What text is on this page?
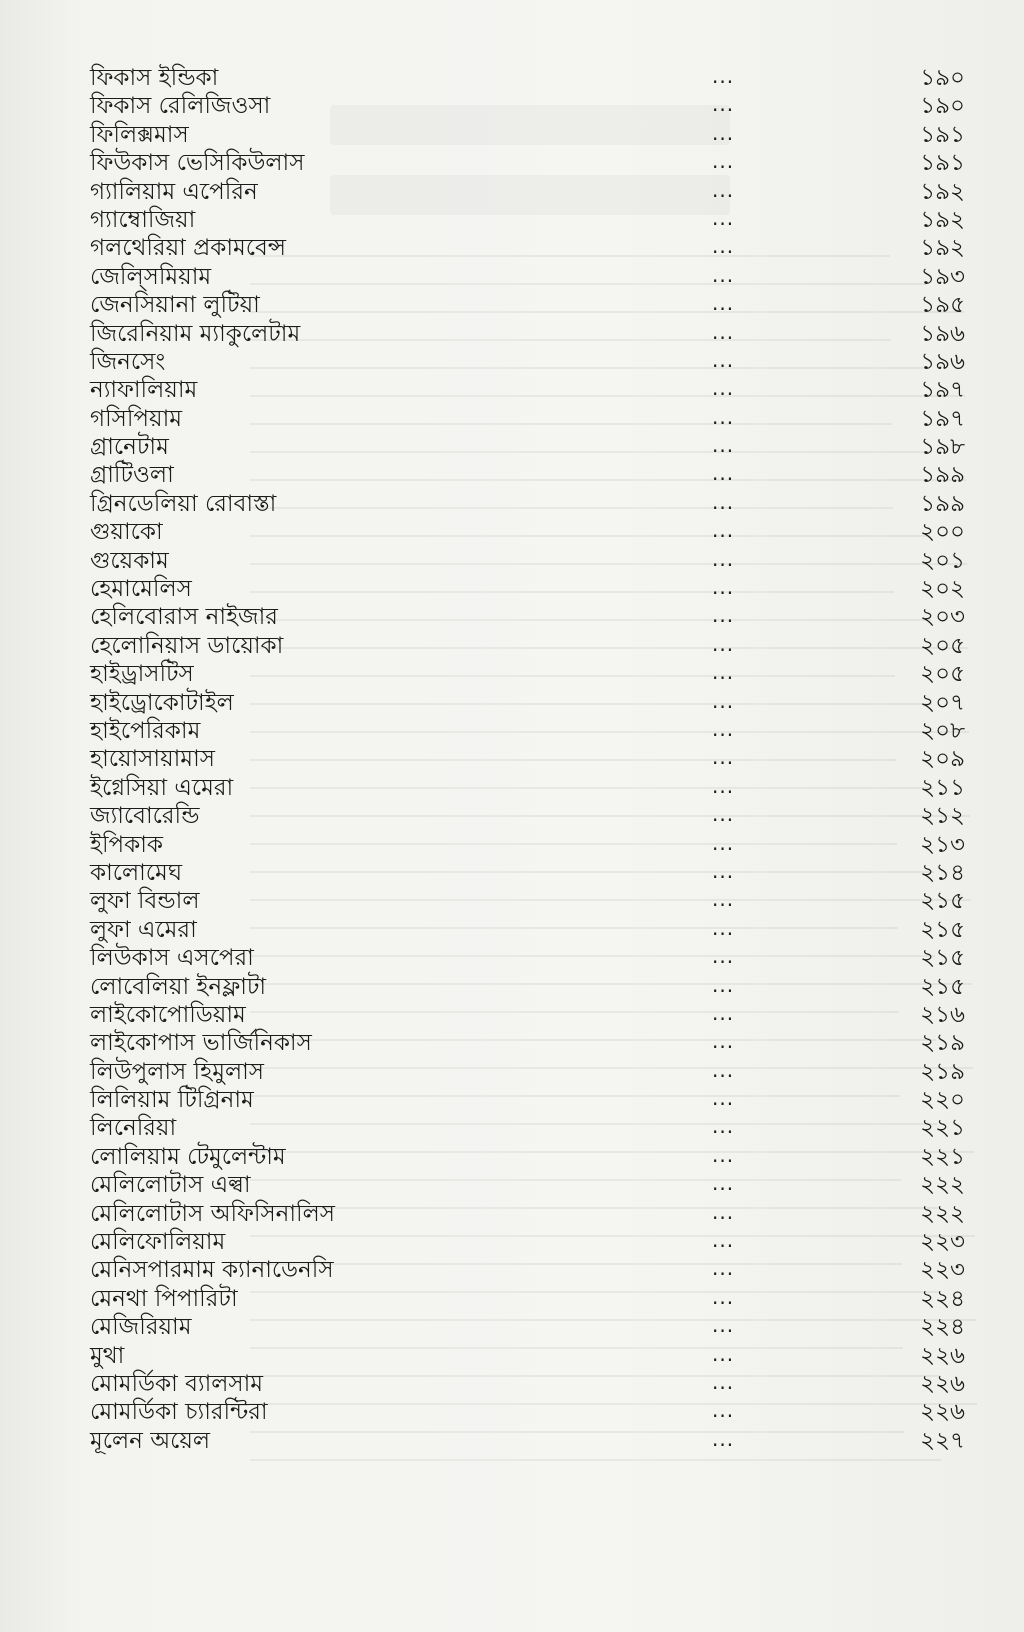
ফিকাস ইন্ডিকা	...	১৯০
ফিকাস রেলিজিওসা	...	১৯০
ফিলিক্সমাস	...	১৯১
ফিউকাস ভেসিকিউলাস	...	১৯১
গ্যালিয়াম এপেরিন	...	১৯২
গ্যাম্বোজিয়া	...	১৯২
গলথেরিয়া প্রকামবেন্স	...	১৯২
জেল্সিমিয়াম	...	১৯৩
জেনসিয়ানা লুটিয়া	...	১৯৫
জিরেনিয়াম ম্যাকুলেটাম	...	১৯৬
জিনসেং	...	১৯৬
ন্যাফালিয়াম	...	১৯৭
গসিপিয়াম	...	১৯৭
গ্রানেটাম	...	১৯৮
গ্রাটিওলা	...	১৯৯
গ্রিনডেলিয়া রোবাস্তা	...	১৯৯
গুয়াকো	...	২০০
গুয়েকাম	...	২০১
হেমামেলিস	...	২০২
হেলিবোরাস নাইজার	...	২০৩
হেলোনিয়াস ডায়োকা	...	২০৫
হাইড্রাসটিস	...	২০৫
হাইড্রোকোটাইল	...	২০৭
হাইপেরিকাম	...	২০৮
হায়োসায়ামাস	...	২০৯
ইগ্নেসিয়া এমেরা	...	২১১
জ্যাবোরেন্ডি	...	২১২
ইপিকাক	...	২১৩
কালোমেঘ	...	২১৪
লুফা বিন্ডাল	...	২১৫
লুফা এমেরা	...	২১৫
লিউকাস এসপেরা	...	২১৫
লোবেলিয়া ইনফ্লাটা	...	২১৫
লাইকোপোডিয়াম	...	২১৬
লাইকোপাস ভার্জিনিকাস	...	২১৯
লিউপুলাস হিমুলাস	...	২১৯
লিলিয়াম টিগ্রিনাম	...	২২০
লিনেরিয়া	...	২২১
লোলিয়াম টেমুলেন্টাম	...	২২১
মেলিলোটাস এল্বা	...	২২২
মেলিলোটাস অফিসিনালিস	...	২২২
মেলিফোলিয়াম	...	২২৩
মেনিসপারমাম ক্যানাডেনসি	...	২২৩
মেনথা পিপারিটা	...	২২৪
মেজিরিয়াম	...	২২৪
মুথা	...	২২৬
মোমর্ডিকা ব্যালসাম	...	২২৬
মোমর্ডিকা চ্যারন্টিরা	...	২২৬
মূলেন অয়েল	...	২২৭
